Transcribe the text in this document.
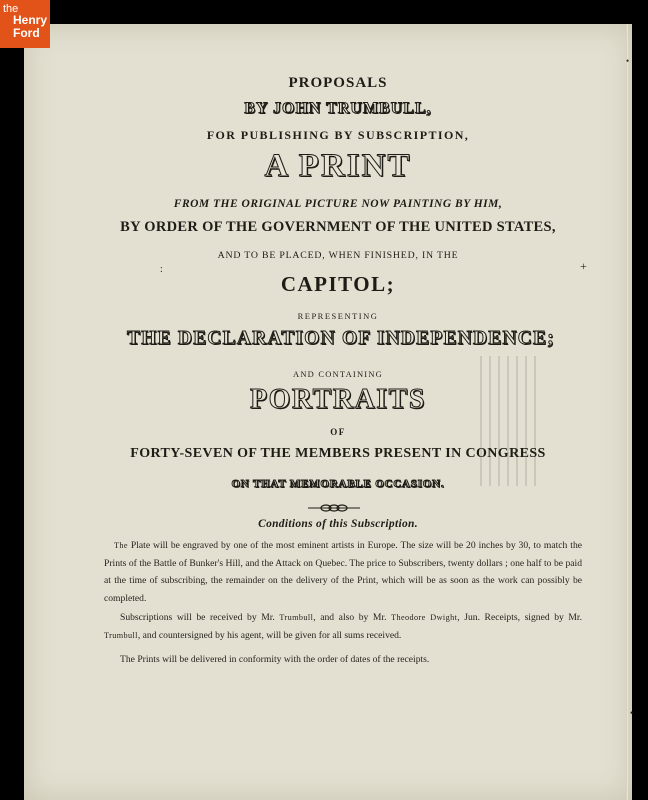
the
Henry
Ford
PROPOSALS
BY JOHN TRUMBULL,
FOR PUBLISHING BY SUBSCRIPTION,
A PRINT
FROM THE ORIGINAL PICTURE NOW PAINTING BY HIM,
BY ORDER OF THE GOVERNMENT OF THE UNITED STATES,
AND TO BE PLACED, WHEN FINISHED, IN THE
CAPITOL;
REPRESENTING
THE DECLARATION OF INDEPENDENCE;
AND CONTAINING
PORTRAITS
OF
FORTY-SEVEN OF THE MEMBERS PRESENT IN CONGRESS
ON THAT MEMORABLE OCCASION.
Conditions of this Subscription.
The Plate will be engraved by one of the most eminent artists in Europe. The size will be 20 inches by 30, to match the Prints of the Battle of Bunker's Hill, and the Attack on Quebec. The price to Subscribers, twenty dollars ; one half to be paid at the time of subscribing, the remainder on the delivery of the Print, which will be as soon as the work can possibly be completed.
Subscriptions will be received by Mr. Trumbull, and also by Mr. Theodore Dwight, Jun. Receipts, signed by Mr. Trumbull, and countersigned by his agent, will be given for all sums received.
The Prints will be delivered in conformity with the order of dates of the receipts.
:	+
•
•
